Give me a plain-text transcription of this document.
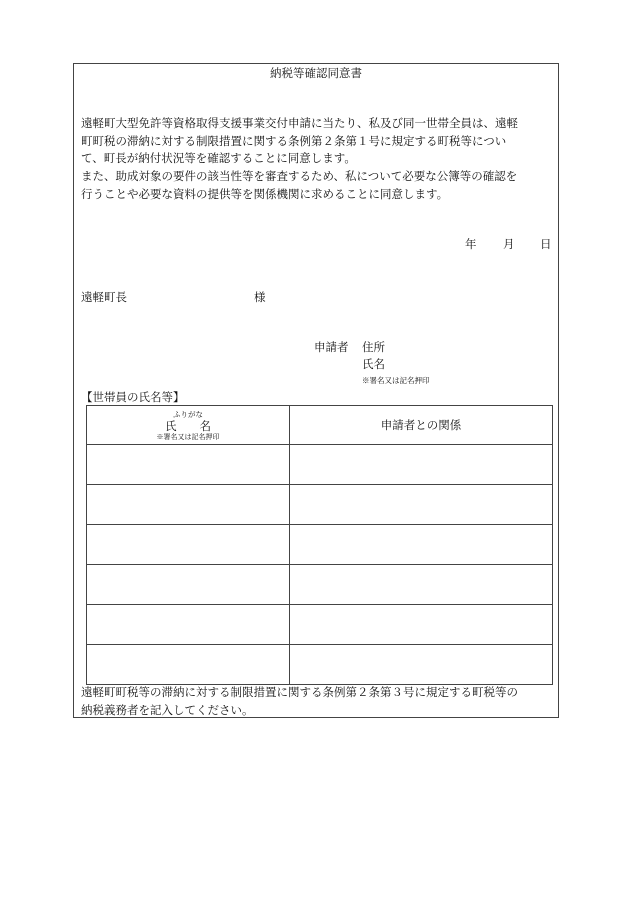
納税等確認同意書
遠軽町大型免許等資格取得支援事業交付申請に当たり、私及び同一世帯全員は、遠軽
町町税の滞納に対する制限措置に関する条例第２条第１号に規定する町税等につい
て、町長が納付状況等を確認することに同意します。
また、助成対象の要件の該当性等を審査するため、私について必要な公簿等の確認を
行うことや必要な資料の提供等を関係機関に求めることに同意します。
年 月 日
遠軽町長	様
申請者 住所
氏名
※署名又は記名押印
【世帯員の氏名等】
ふりがな
氏　　名
※署名又は記名押印	申請者との関係

遠軽町町税等の滞納に対する制限措置に関する条例第２条第３号に規定する町税等の
納税義務者を記入してください。
